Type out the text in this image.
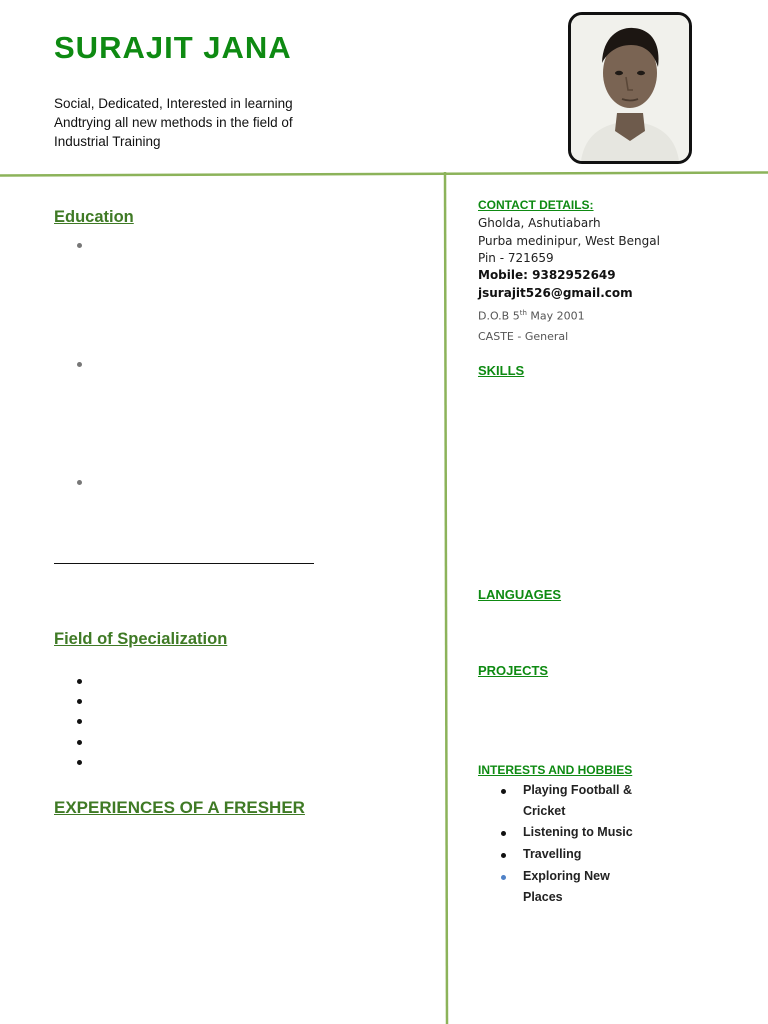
SURAJIT JANA
Social, Dedicated, Interested in learning
Andtrying all new methods in the field of
Industrial Training
Education
Field of Specialization
EXPERIENCES OF A FRESHER
CONTACT DETAILS:
Gholda, Ashutiabarh
Purba medinipur, West Bengal
Pin - 721659
Mobile: 9382952649
jsurajit526@gmail.com
D.O.B 5th May 2001
CASTE - General
SKILLS
LANGUAGES
PROJECTS
INTERESTS AND HOBBIES
Playing Football &
Cricket
Listening to Music
Travelling
Exploring New
Places
